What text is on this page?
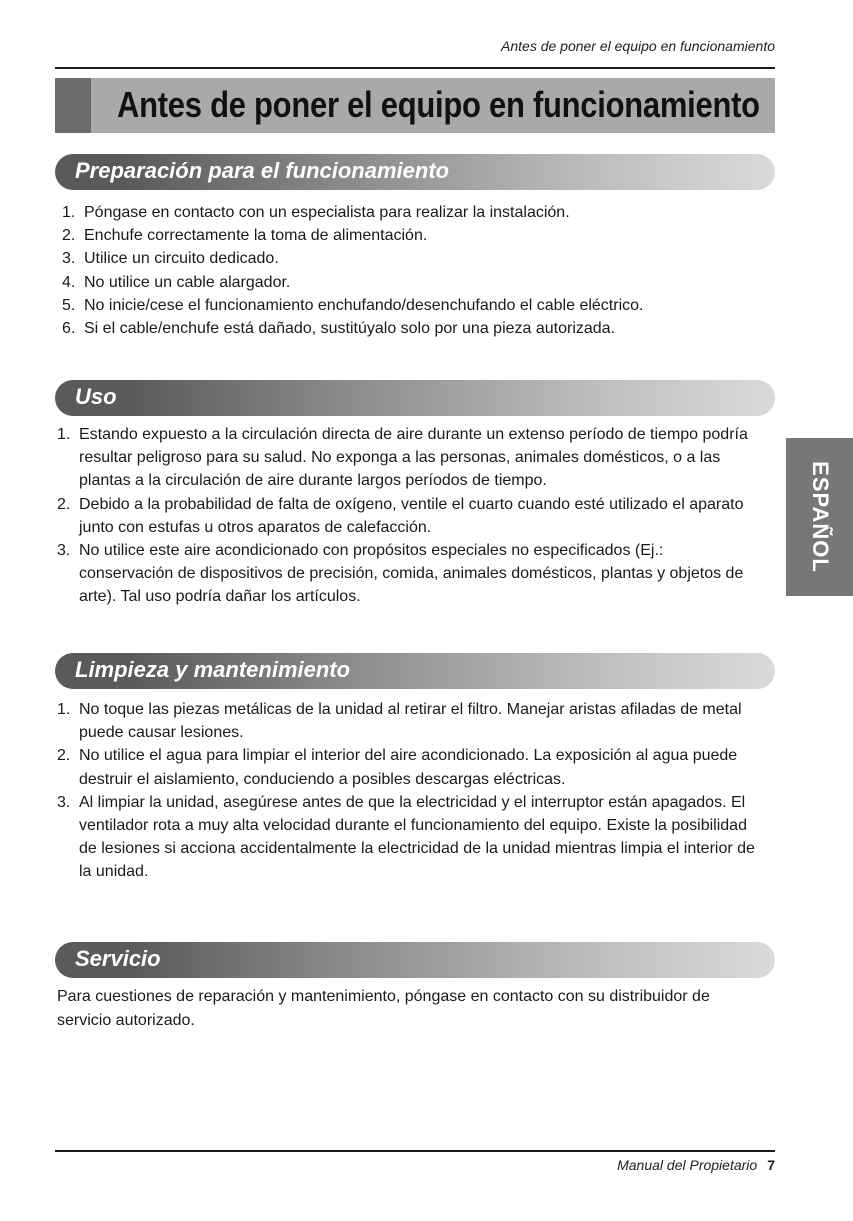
Antes de poner el equipo en funcionamiento
Antes de poner el equipo en funcionamiento
Preparación para el funcionamiento
1. Póngase en contacto con un especialista para realizar la instalación.
2. Enchufe correctamente la toma de alimentación.
3. Utilice un circuito dedicado.
4. No utilice un cable alargador.
5. No inicie/cese el funcionamiento enchufando/desenchufando el cable eléctrico.
6. Si el cable/enchufe está dañado, sustitúyalo solo por una pieza autorizada.
Uso
1. Estando expuesto a la circulación directa de aire durante un extenso período de tiempo podría resultar peligroso para su salud. No exponga a las personas, animales domésticos, o a las plantas a la circulación de aire durante largos períodos de tiempo.
2. Debido a la probabilidad de falta de oxígeno, ventile el cuarto cuando esté utilizado el aparato junto con estufas u otros aparatos de calefacción.
3. No utilice este aire acondicionado con propósitos especiales no especificados (Ej.: conservación de dispositivos de precisión, comida, animales domésticos, plantas y objetos de arte). Tal uso podría dañar los artículos.
Limpieza y mantenimiento
1. No toque las piezas metálicas de la unidad al retirar el filtro. Manejar aristas afiladas de metal puede causar lesiones.
2. No utilice el agua para limpiar el interior del aire acondicionado. La exposición al agua puede destruir el aislamiento, conduciendo a posibles descargas eléctricas.
3. Al limpiar la unidad, asegúrese antes de que la electricidad y el interruptor están apagados. El ventilador rota a muy alta velocidad durante el funcionamiento del equipo. Existe la posibilidad de lesiones si acciona accidentalmente la electricidad de la unidad mientras limpia el interior de la unidad.
Servicio

Para cuestiones de reparación y mantenimiento, póngase en contacto con su distribuidor de servicio autorizado.

ESPAÑOL
Manual del Propietario 7
